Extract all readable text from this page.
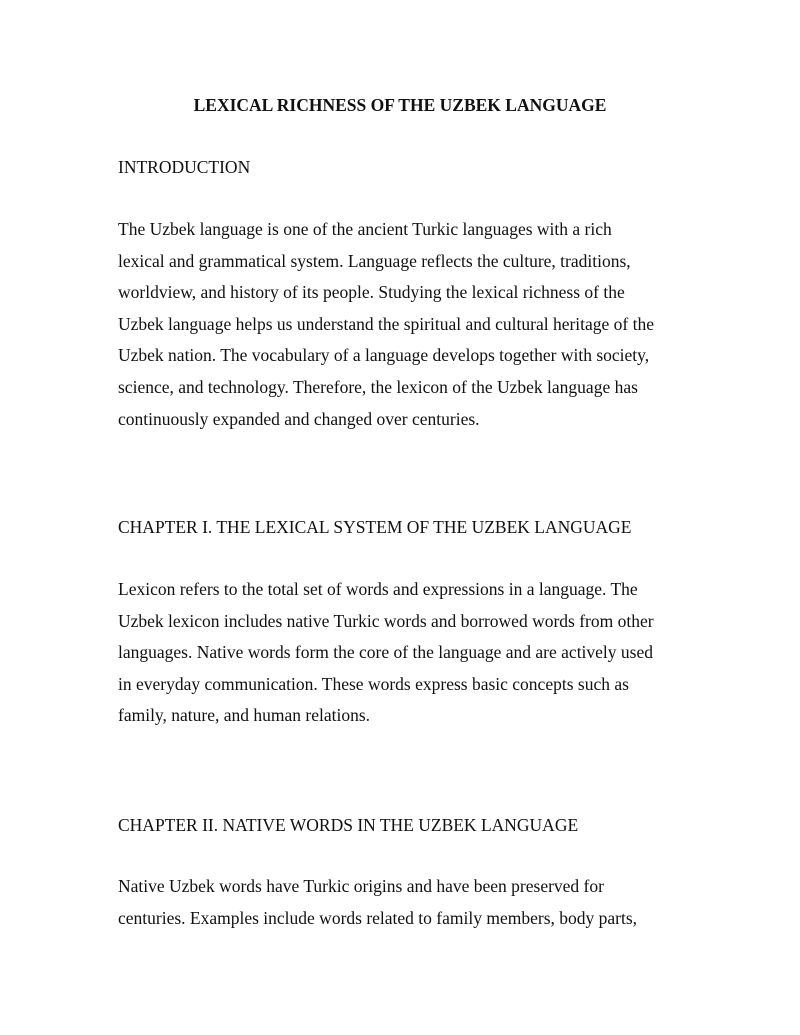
LEXICAL RICHNESS OF THE UZBEK LANGUAGE
INTRODUCTION

The Uzbek language is one of the ancient Turkic languages with a rich
lexical and grammatical system. Language reflects the culture, traditions,
worldview, and history of its people. Studying the lexical richness of the
Uzbek language helps us understand the spiritual and cultural heritage of the
Uzbek nation. The vocabulary of a language develops together with society,
science, and technology. Therefore, the lexicon of the Uzbek language has
continuously expanded and changed over centuries.

CHAPTER I. THE LEXICAL SYSTEM OF THE UZBEK LANGUAGE

Lexicon refers to the total set of words and expressions in a language. The
Uzbek lexicon includes native Turkic words and borrowed words from other
languages. Native words form the core of the language and are actively used
in everyday communication. These words express basic concepts such as
family, nature, and human relations.

CHAPTER II. NATIVE WORDS IN THE UZBEK LANGUAGE

Native Uzbek words have Turkic origins and have been preserved for
centuries. Examples include words related to family members, body parts,
